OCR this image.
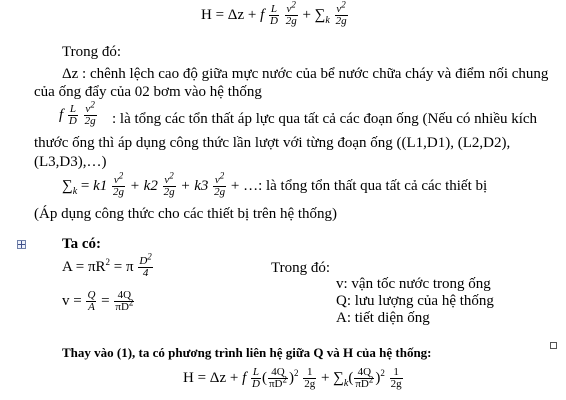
H = Δz + f $\frac{L}{D}$
$\frac{v^2}{2g} + \sum_k \frac{v^2}{2g}$
Trong đó:
Δz : chênh lệch cao độ giữa mực nước của bể nước chữa cháy và điểm nối chung
của ống đẩy của 02 bơm vào hệ thống
f $\frac{L}{D}$
$\frac{v^2}{2g}$ : là tổng các tổn thất áp lực qua tất cả các đoạn ống (Nếu có nhiều kích
thước ống thì áp dụng công thức lần lượt với từng đoạn ống ((L1,D1), (L2,D2),
(L3,D3),…)
$\sum_k = k1 \frac{v^2}{2g} + k2 \frac{v^2}{2g} + k3 \frac{v^2}{2g}$ + …: là tổng tổn thất qua tất cả các thiết bị
(Áp dụng công thức cho các thiết bị trên hệ thống)
Ta có:
$A = \pi R^2 = \pi \frac{D^2}{4}$
$v = \frac{Q}{A} = \frac{4Q}{\pi D^2}$
Trong đó:
v: vận tốc nước trong ống
Q: lưu lượng của hệ thống
A: tiết diện ống
Thay vào (1), ta có phương trình liên hệ giữa Q và H của hệ thống:
H = Δz + f $\frac{L}{D}$ ( $\frac{4Q}{\pi D^2} )^2 \frac{1}{2g} + \sum_k( \frac{4Q}{\pi D^2} )^2 \frac{1}{2g}$
